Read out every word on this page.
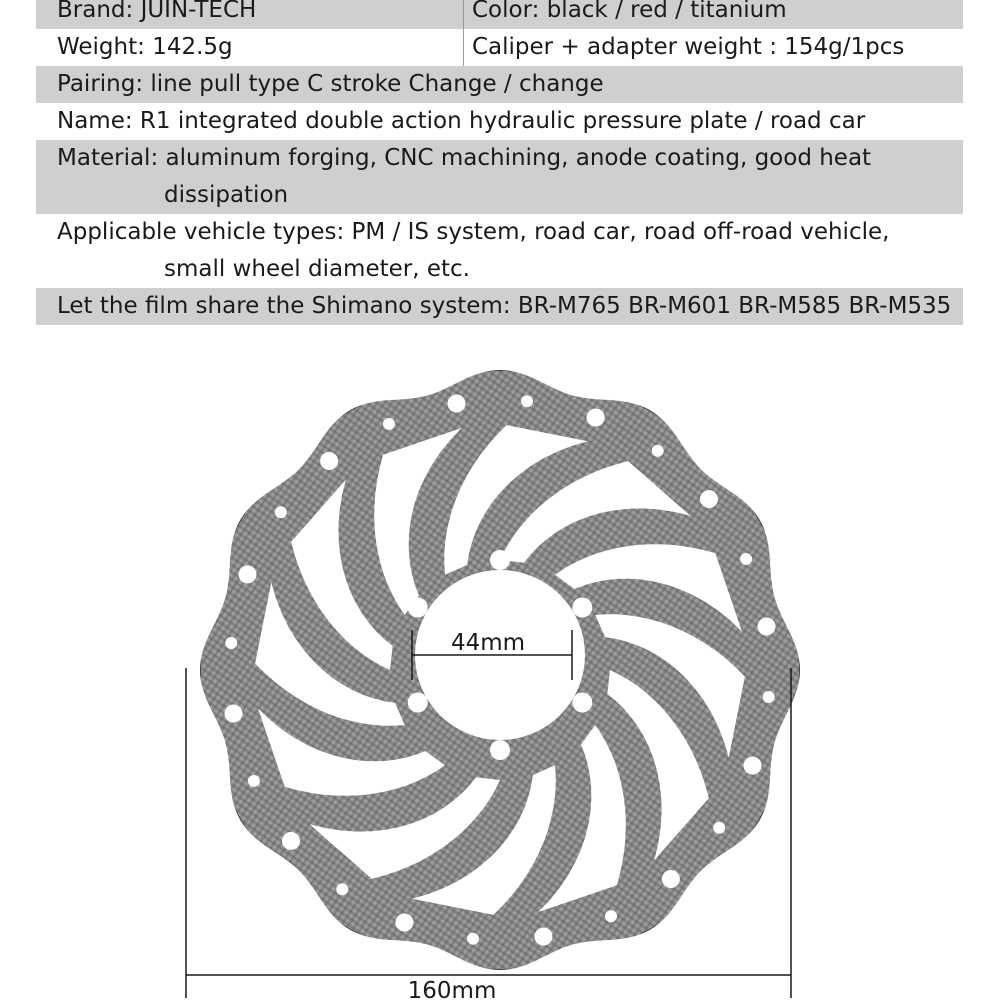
Brand: JUIN-TECH	Color: black / red / titanium
Weight: 142.5g	Caliper + adapter weight : 154g/1pcs
Pairing: line pull type C stroke Change / change
Name: R1 integrated double action hydraulic pressure plate / road car
Material: aluminum forging, CNC machining, anode coating, good heat
dissipation
Applicable vehicle types: PM / IS system, road car, road off-road vehicle,
small wheel diameter, etc.
Let the film share the Shimano system: BR-M765 BR-M601 BR-M585 BR-M535
44mm
160mm
